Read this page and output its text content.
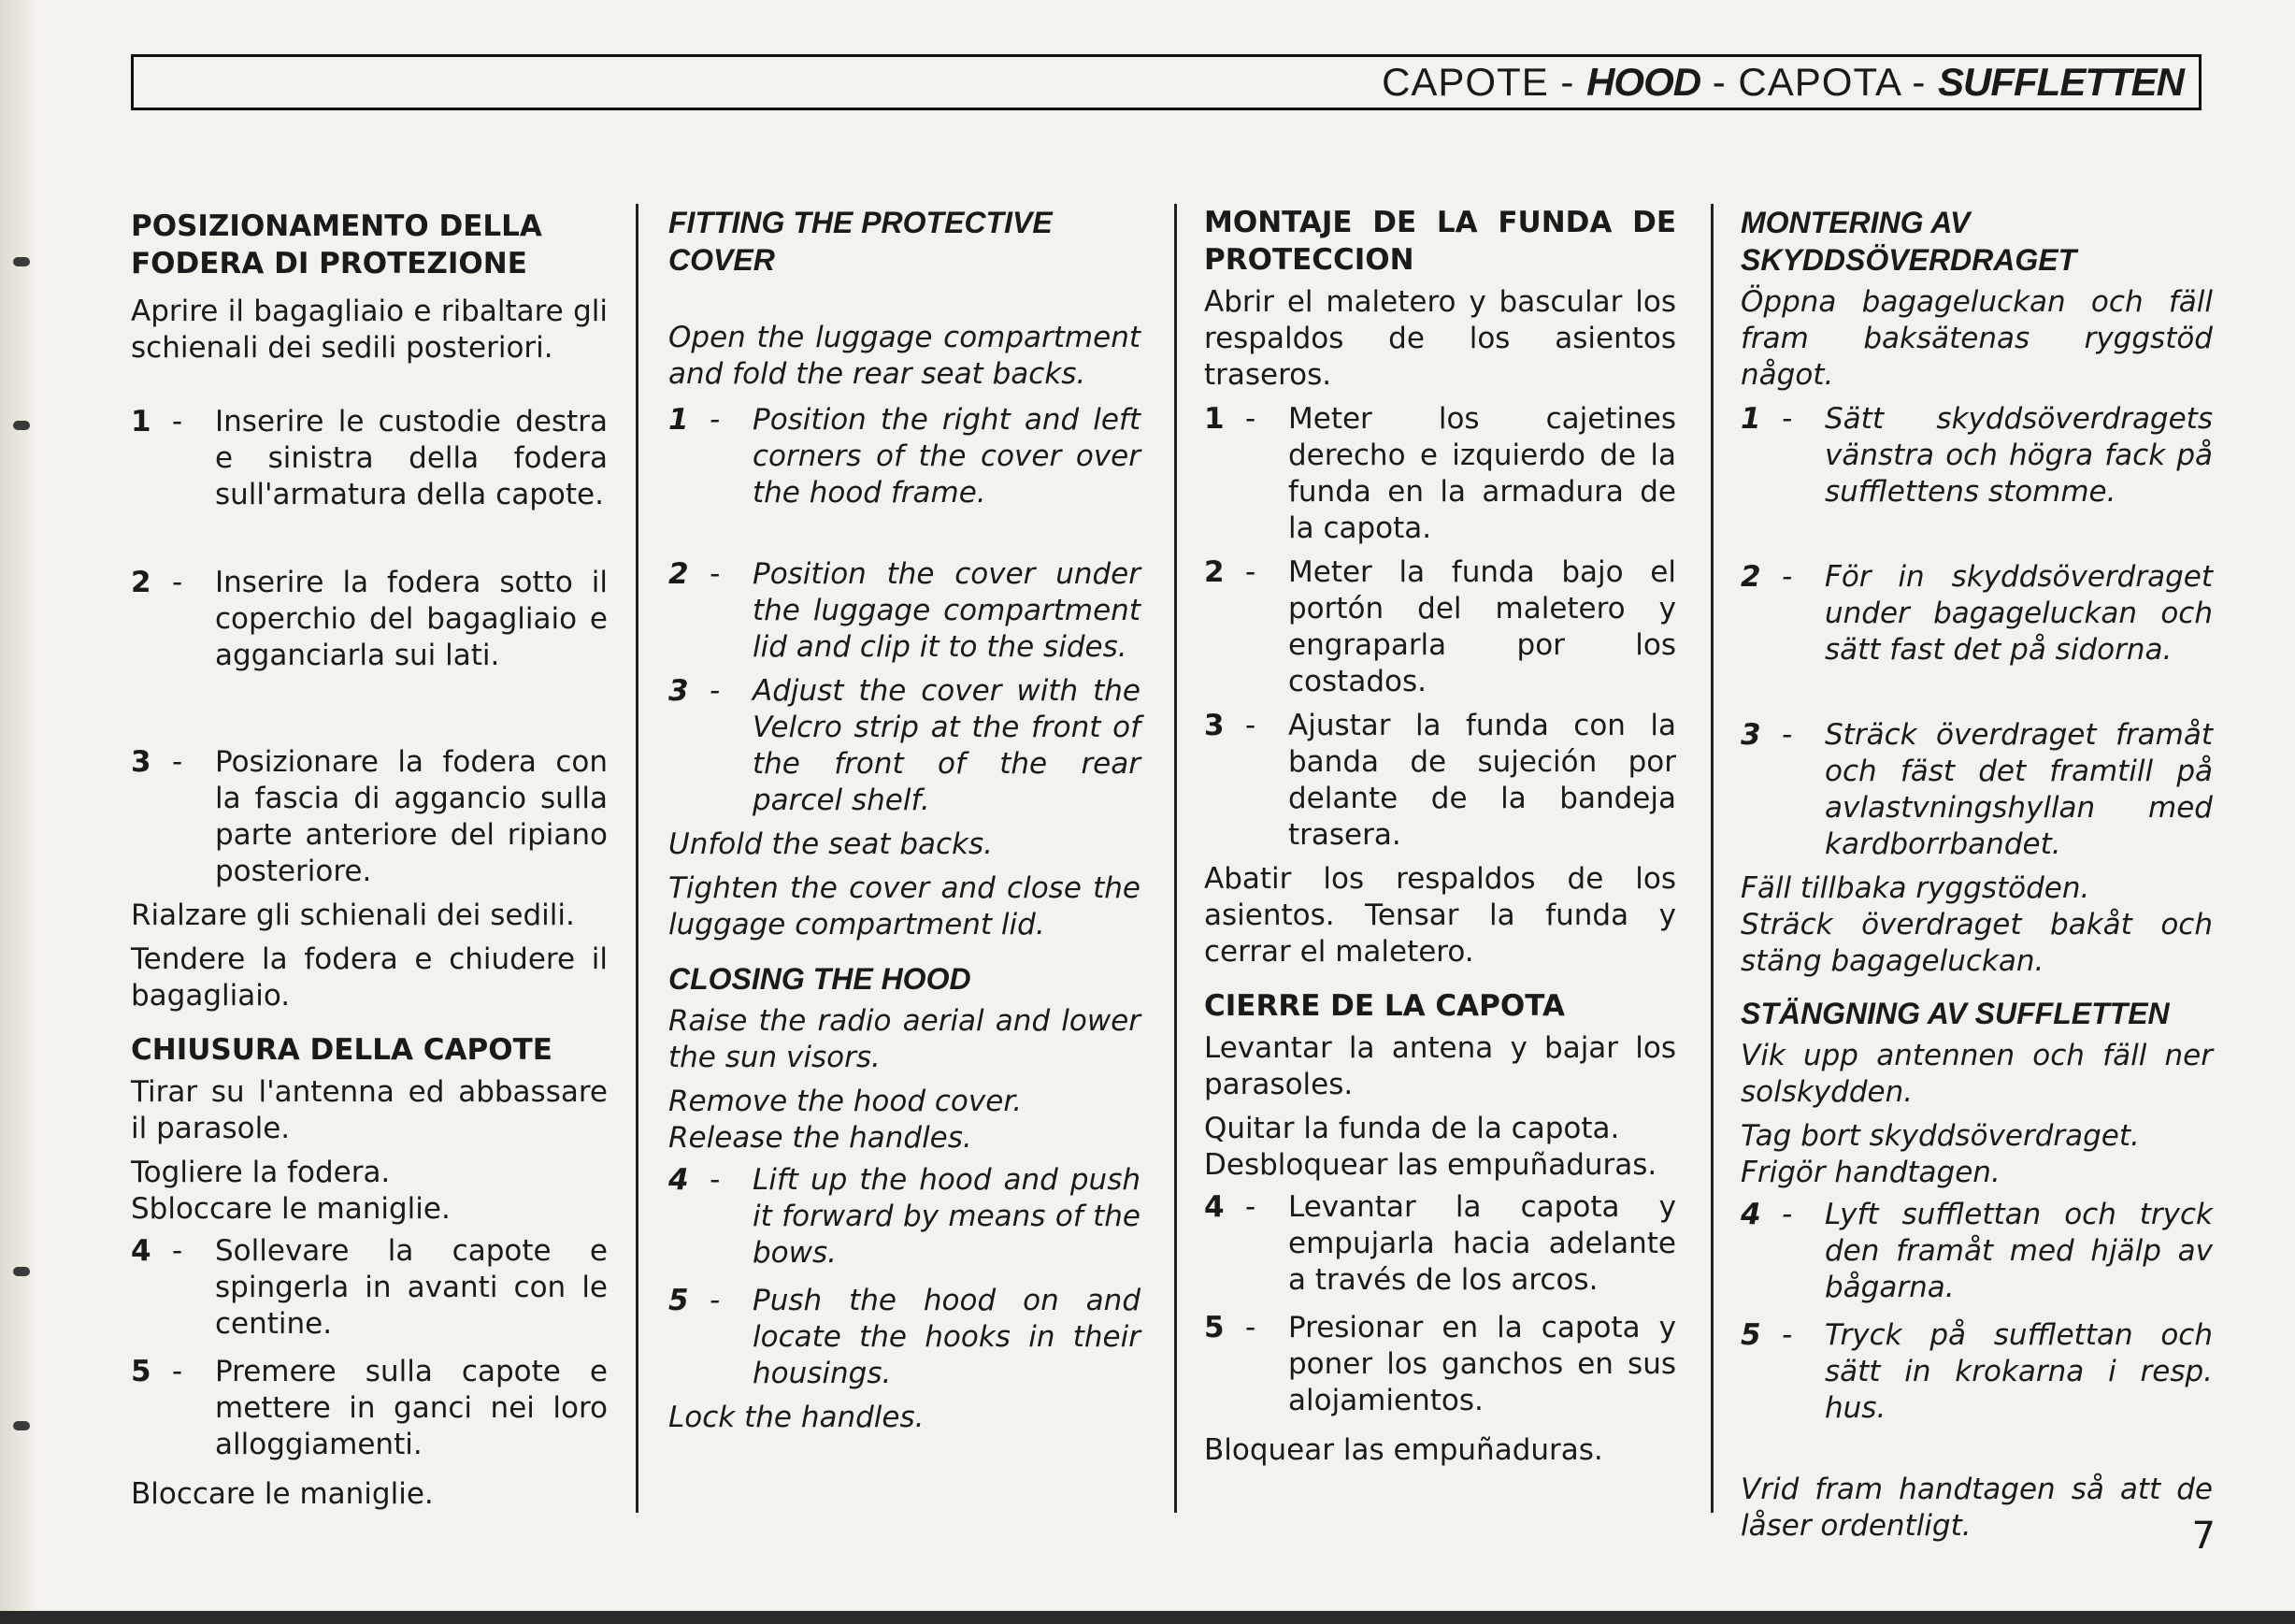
CAPOTE - HOOD - CAPOTA - SUFFLETTEN

POSIZIONAMENTO DELLA FODERA DI PROTEZIONE

Aprire il bagagliaio e ribaltare gli schienali dei sedili posteriori.

1 - Inserire le custodie destra e sinistra della fodera sull'armatura della capote.
2 - Inserire la fodera sotto il coperchio del bagagliaio e agganciarla sui lati.
3 - Posizionare la fodera con la fascia di aggancio sulla parte anteriore del ripiano posteriore.

Rialzare gli schienali dei sedili.

Tendere la fodera e chiudere il bagagliaio.

CHIUSURA DELLA CAPOTE

Tirar su l'antenna ed abbassare il parasole.

Togliere la fodera.

Sbloccare le maniglie.

4 - Sollevare la capote e spingerla in avanti con le centine.
5 - Premere sulla capote e mettere in ganci nei loro alloggiamenti.

Bloccare le maniglie.

FITTING THE PROTECTIVE COVER

Open the luggage compartment and fold the rear seat backs.

1 - Position the right and left corners of the cover over the hood frame.
2 - Position the cover under the luggage compartment lid and clip it to the sides.
3 - Adjust the cover with the Velcro strip at the front of the front of the rear parcel shelf.

Unfold the seat backs.

Tighten the cover and close the luggage compartment lid.

CLOSING THE HOOD

Raise the radio aerial and lower the sun visors.

Remove the hood cover.

Release the handles.

4 - Lift up the hood and push it forward by means of the bows.
5 - Push the hood on and locate the hooks in their housings.

Lock the handles.

MONTAJE DE LA FUNDA DE PROTECCION

Abrir el maletero y bascular los respaldos de los asientos traseros.

1 - Meter los cajetines derecho e izquierdo de la funda en la armadura de la capota.
2 - Meter la funda bajo el portón del maletero y engraparla por los costados.
3 - Ajustar la funda con la banda de sujeción por delante de la bandeja trasera.

Abatir los respaldos de los asientos. Tensar la funda y cerrar el maletero.

CIERRE DE LA CAPOTA

Levantar la antena y bajar los parasoles.

Quitar la funda de la capota.

Desbloquear las empuñaduras.

4 - Levantar la capota y empujarla hacia adelante a través de los arcos.
5 - Presionar en la capota y poner los ganchos en sus alojamientos.

Bloquear las empuñaduras.

MONTERING AV SKYDDSÖVERDRAGET

Öppna bagageluckan och fäll fram baksätenas ryggstöd något.

1 - Sätt skyddsöverdragets vänstra och högra fack på sufflettens stomme.
2 - För in skyddsöverdraget under bagageluckan och sätt fast det på sidorna.
3 - Sträck överdraget framåt och fäst det framtill på avlastvningshyllan med kardborrbandet.

Fäll tillbaka ryggstöden.

Sträck överdraget bakåt och stäng bagageluckan.

STÄNGNING AV SUFFLETTEN

Vik upp antennen och fäll ner solskydden.

Tag bort skyddsöverdraget.

Frigör handtagen.

4 - Lyft sufflettan och tryck den framåt med hjälp av bågarna.
5 - Tryck på sufflettan och sätt in krokarna i resp. hus.

Vrid fram handtagen så att de låser ordentligt.	7
